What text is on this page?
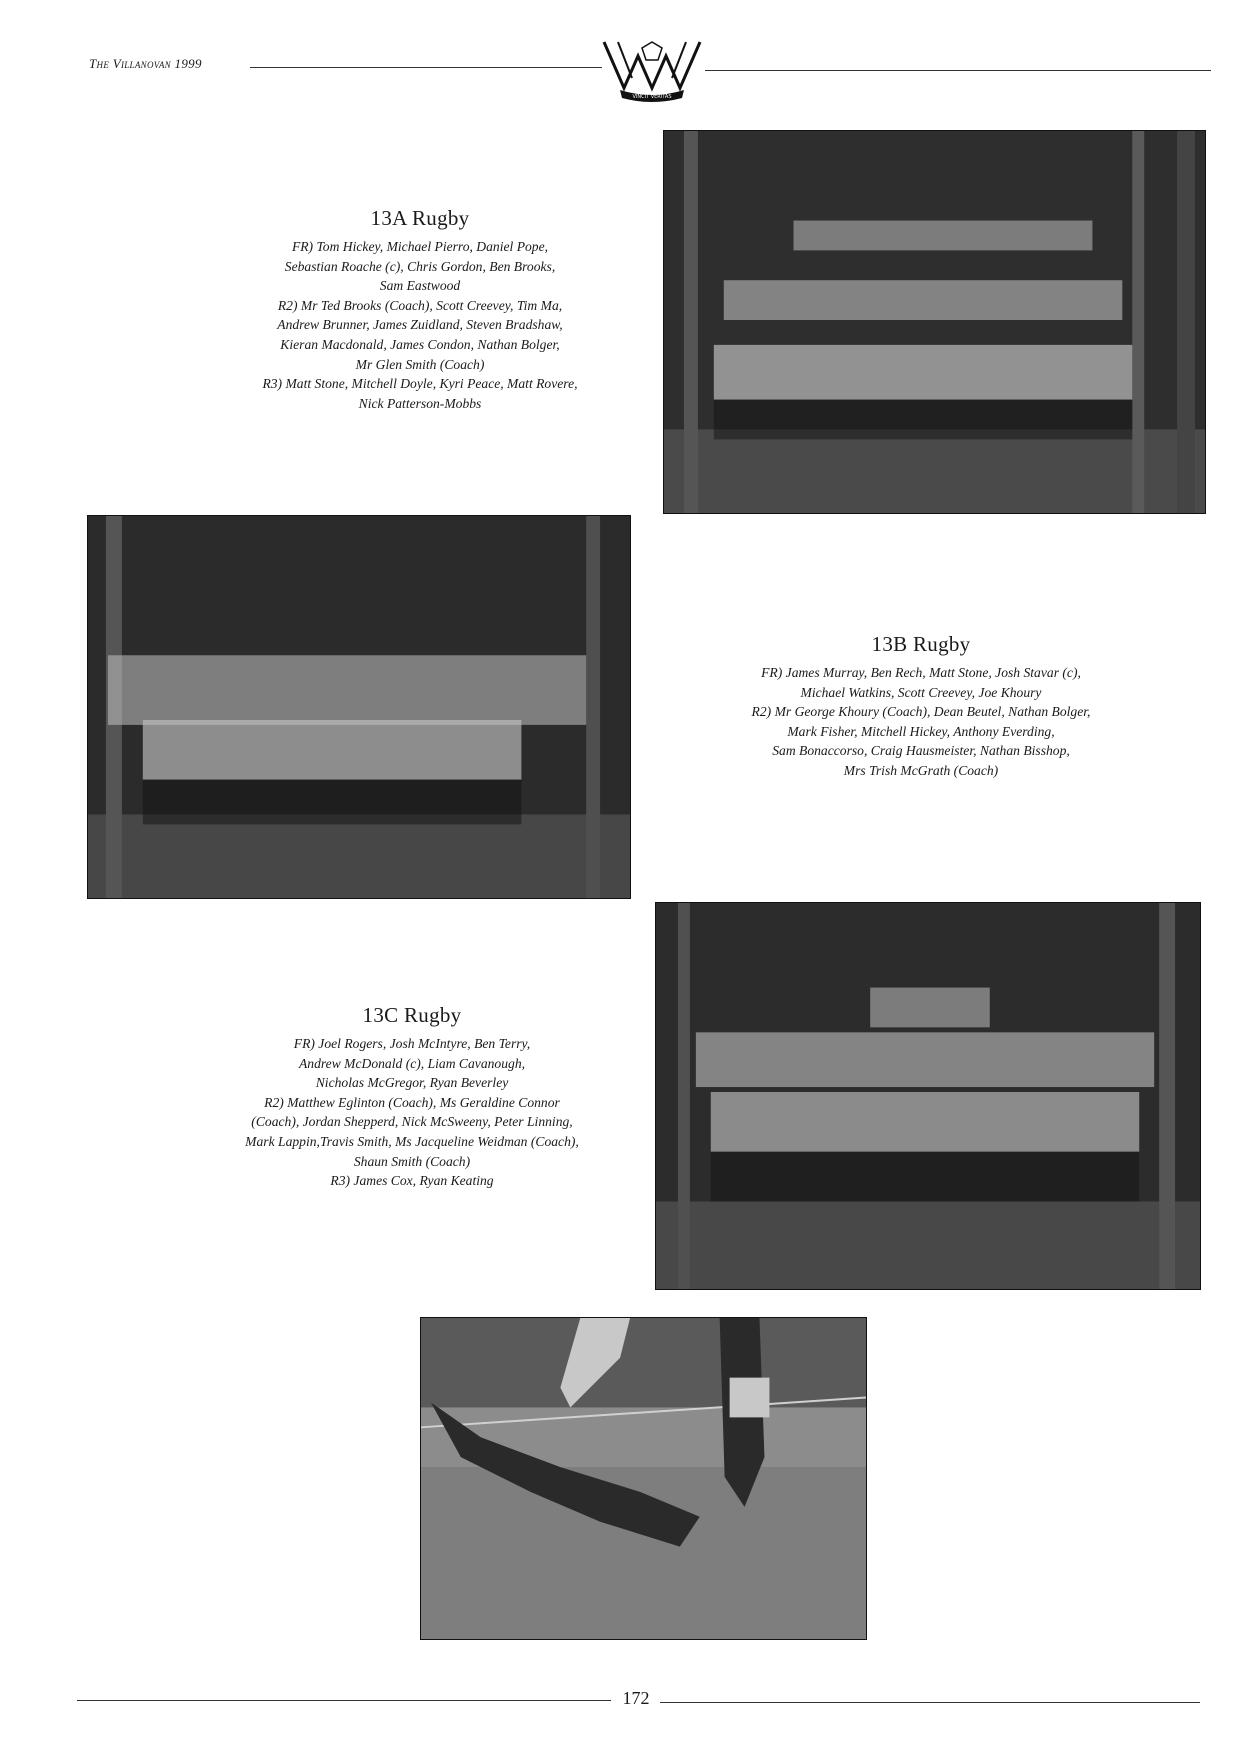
The Villanovan 1999
VINCIT VERITAS
13A Rugby
FR) Tom Hickey, Michael Pierro, Daniel Pope,
Sebastian Roache (c), Chris Gordon, Ben Brooks,
Sam Eastwood
R2) Mr Ted Brooks (Coach), Scott Creevey, Tim Ma,
Andrew Brunner, James Zuidland, Steven Bradshaw,
Kieran Macdonald, James Condon, Nathan Bolger,
Mr Glen Smith (Coach)
R3) Matt Stone, Mitchell Doyle, Kyri Peace, Matt Rovere,
Nick Patterson-Mobbs
13B Rugby
FR) James Murray, Ben Rech, Matt Stone, Josh Stavar (c),
Michael Watkins, Scott Creevey, Joe Khoury
R2) Mr George Khoury (Coach), Dean Beutel, Nathan Bolger,
Mark Fisher, Mitchell Hickey, Anthony Everding,
Sam Bonaccorso, Craig Hausmeister, Nathan Bisshop,
Mrs Trish McGrath (Coach)
13C Rugby
FR) Joel Rogers, Josh McIntyre, Ben Terry,
Andrew McDonald (c), Liam Cavanough,
Nicholas McGregor, Ryan Beverley
R2) Matthew Eglinton (Coach), Ms Geraldine Connor
(Coach), Jordan Shepperd, Nick McSweeny, Peter Linning,
Mark Lappin,Travis Smith, Ms Jacqueline Weidman (Coach),
Shaun Smith (Coach)
R3) James Cox, Ryan Keating
172
